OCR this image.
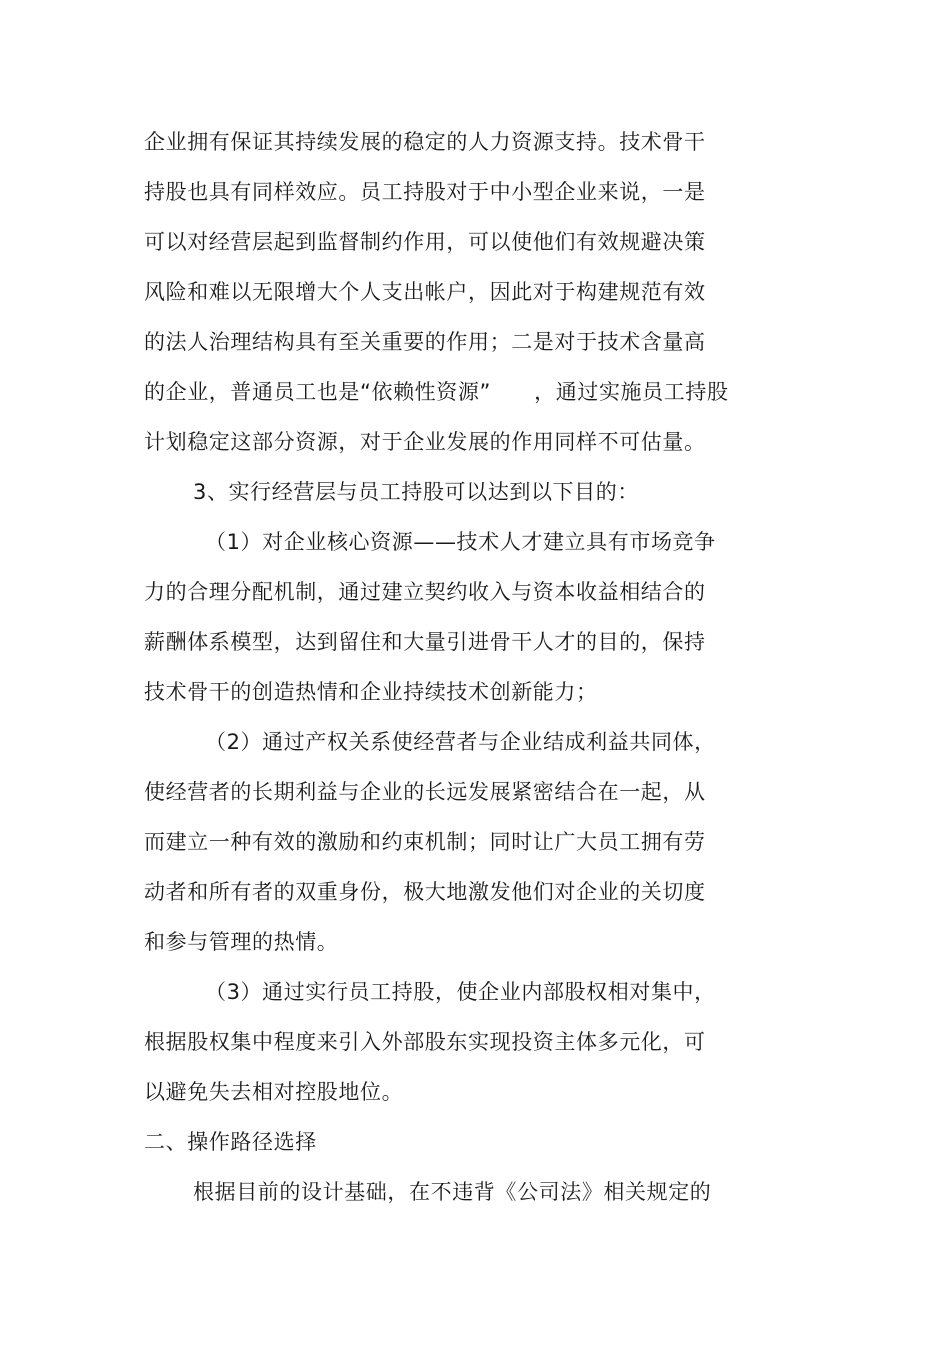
企业拥有保证其持续发展的稳定的人力资源支持。技术骨干
持股也具有同样效应。员工持股对于中小型企业来说，一是
可以对经营层起到监督制约作用，可以使他们有效规避决策
风险和难以无限增大个人支出帐户，因此对于构建规范有效
的法人治理结构具有至关重要的作用；二是对于技术含量高
的企业，普通员工也是“依赖性资源”　　，通过实施员工持股
计划稳定这部分资源，对于企业发展的作用同样不可估量。
3、实行经营层与员工持股可以达到以下目的：
（1）对企业核心资源——技术人才建立具有市场竞争
力的合理分配机制，通过建立契约收入与资本收益相结合的
薪酬体系模型，达到留住和大量引进骨干人才的目的，保持
技术骨干的创造热情和企业持续技术创新能力；
（2）通过产权关系使经营者与企业结成利益共同体，
使经营者的长期利益与企业的长远发展紧密结合在一起，从
而建立一种有效的激励和约束机制；同时让广大员工拥有劳
动者和所有者的双重身份，极大地激发他们对企业的关切度
和参与管理的热情。
（3）通过实行员工持股，使企业内部股权相对集中，
根据股权集中程度来引入外部股东实现投资主体多元化，可
以避免失去相对控股地位。
二、操作路径选择
根据目前的设计基础，在不违背《公司法》相关规定的
